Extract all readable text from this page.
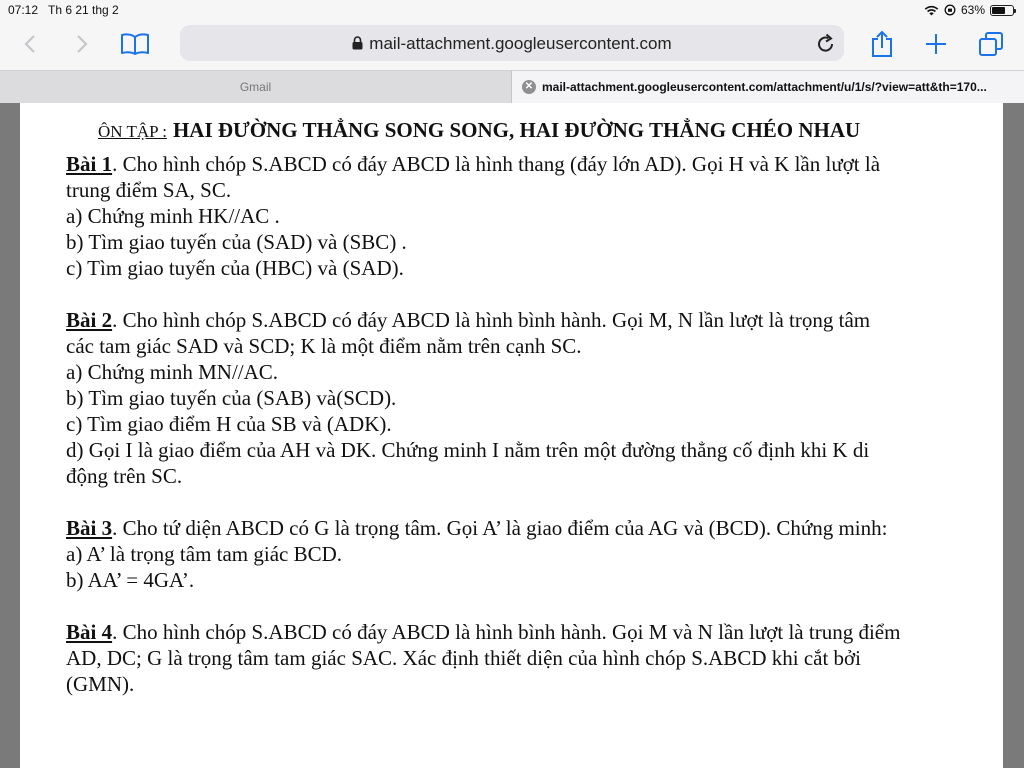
07:12 Th 6 21 thg 2	63%
mail-attachment.googleusercontent.com
Gmail	✕ mail-attachment.googleusercontent.com/attachment/u/1/s/?view=att&th=170...
ÔN TẬP : HAI ĐƯỜNG THẲNG SONG SONG, HAI ĐƯỜNG THẲNG CHÉO NHAU

Bài 1. Cho hình chóp S.ABCD có đáy ABCD là hình thang (đáy lớn AD). Gọi H và K lần lượt là

trung điểm SA, SC.

a) Chứng minh HK//AC .

b) Tìm giao tuyến của (SAD) và (SBC) .

c) Tìm giao tuyến của (HBC) và (SAD).

Bài 2. Cho hình chóp S.ABCD có đáy ABCD là hình bình hành. Gọi M, N lần lượt là trọng tâm

các tam giác SAD và SCD; K là một điểm nằm trên cạnh SC.

a) Chứng minh MN//AC.

b) Tìm giao tuyến của (SAB) và(SCD).

c) Tìm giao điểm H của SB và (ADK).

d) Gọi I là giao điểm của AH và DK. Chứng minh I nằm trên một đường thẳng cố định khi K di

động trên SC.

Bài 3. Cho tứ diện ABCD có G là trọng tâm. Gọi A’ là giao điểm của AG và (BCD). Chứng minh:

a) A’ là trọng tâm tam giác BCD.

b) AA’ = 4GA’.

Bài 4. Cho hình chóp S.ABCD có đáy ABCD là hình bình hành. Gọi M và N lần lượt là trung điểm

AD, DC; G là trọng tâm tam giác SAC. Xác định thiết diện của hình chóp S.ABCD khi cắt bởi

(GMN).
